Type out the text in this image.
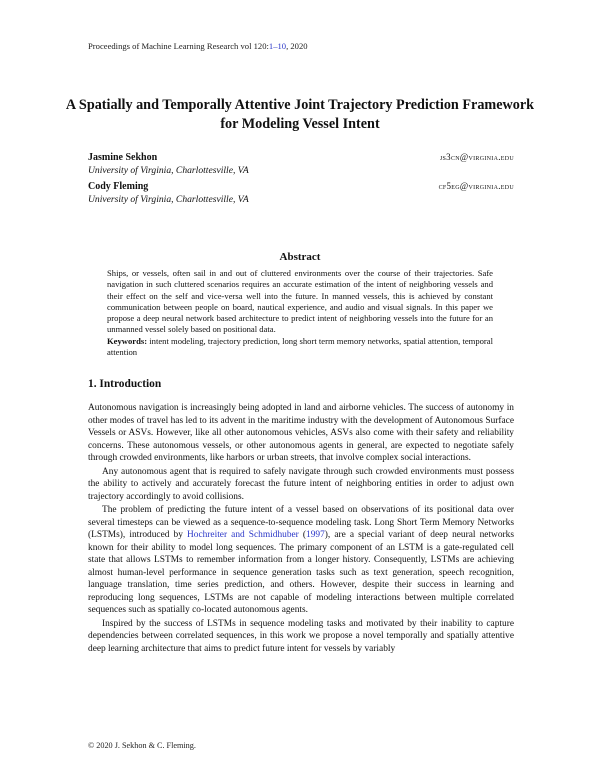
Proceedings of Machine Learning Research vol 120:1–10, 2020
A Spatially and Temporally Attentive Joint Trajectory Prediction Framework for Modeling Vessel Intent
Jasmine Sekhon	js3cn@virginia.edu
University of Virginia, Charlottesville, VA
Cody Fleming	cf5eg@virginia.edu
University of Virginia, Charlottesville, VA
Abstract
Ships, or vessels, often sail in and out of cluttered environments over the course of their trajectories. Safe navigation in such cluttered scenarios requires an accurate estimation of the intent of neighboring vessels and their effect on the self and vice-versa well into the future. In manned vessels, this is achieved by constant communication between people on board, nautical experience, and audio and visual signals. In this paper we propose a deep neural network based architecture to predict intent of neighboring vessels into the future for an unmanned vessel solely based on positional data.
Keywords: intent modeling, trajectory prediction, long short term memory networks, spatial attention, temporal attention
1. Introduction

Autonomous navigation is increasingly being adopted in land and airborne vehicles. The success of autonomy in other modes of travel has led to its advent in the maritime industry with the development of Autonomous Surface Vessels or ASVs. However, like all other autonomous vehicles, ASVs also come with their safety and reliability concerns. These autonomous vessels, or other autonomous agents in general, are expected to negotiate safely through crowded environments, like harbors or urban streets, that involve complex social interactions.

Any autonomous agent that is required to safely navigate through such crowded environments must possess the ability to actively and accurately forecast the future intent of neighboring entities in order to adjust own trajectory accordingly to avoid collisions.

The problem of predicting the future intent of a vessel based on observations of its positional data over several timesteps can be viewed as a sequence-to-sequence modeling task. Long Short Term Memory Networks (LSTMs), introduced by Hochreiter and Schmidhuber (1997), are a special variant of deep neural networks known for their ability to model long sequences. The primary component of an LSTM is a gate-regulated cell state that allows LSTMs to remember information from a longer history. Consequently, LSTMs are achieving almost human-level performance in sequence generation tasks such as text generation, speech recognition, language translation, time series prediction, and others. However, despite their success in learning and reproducing long sequences, LSTMs are not capable of modeling interactions between multiple correlated sequences such as spatially co-located autonomous agents.

Inspired by the success of LSTMs in sequence modeling tasks and motivated by their inability to capture dependencies between correlated sequences, in this work we propose a novel temporally and spatially attentive deep learning architecture that aims to predict future intent for vessels by variably

© 2020 J. Sekhon & C. Fleming.
